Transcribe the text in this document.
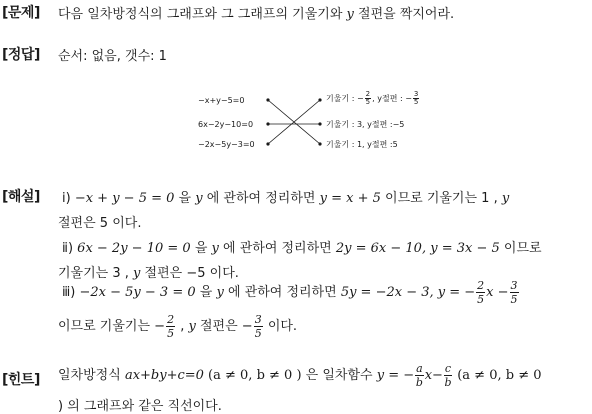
[문제] 다음 일차방정식의 그래프와 그 그래프의 기울기와 y 절편을 짝지어라.
[정답] 순서: 없음, 갯수: 1
−x+y−5=0
6x−2y−10=0
−2x−5y−3=0
기울기 : 3, y절편 :−5
기울기 : 1, y절편 :5
기울기 : − $\frac{2}{5}$ , y절편 : − $\frac{3}{5}$
[해설] ⅰ) −x + y − 5 = 0 을 y 에 관하여 정리하면 y = x + 5 이므로 기울기는 1 , y
절편은 5 이다.
ⅱ) 6x − 2y − 10 = 0 을 y 에 관하여 정리하면 2y = 6x − 10, y = 3x − 5 이므로
기울기는 3 , y 절편은 −5 이다.
ⅲ) −2x − 5y − 3 = 0 을 y 에 관하여 정리하면 5y = −2x − 3, y = − $\frac{2}{5}$ $x - \frac{3}{5}$
이므로 기울기는 − $\frac{2}{5}$ , y 절편은 − $\frac{3}{5}$ 이다.
[힌트] 일차방정식 ax+by+c=0 (a ≠ 0, b ≠ 0 ) 은 일차함수 y = − $\frac{a}{b} x- \frac{c}{b} (a \ne 0$, b ≠ 0
) 의 그래프와 같은 직선이다.
